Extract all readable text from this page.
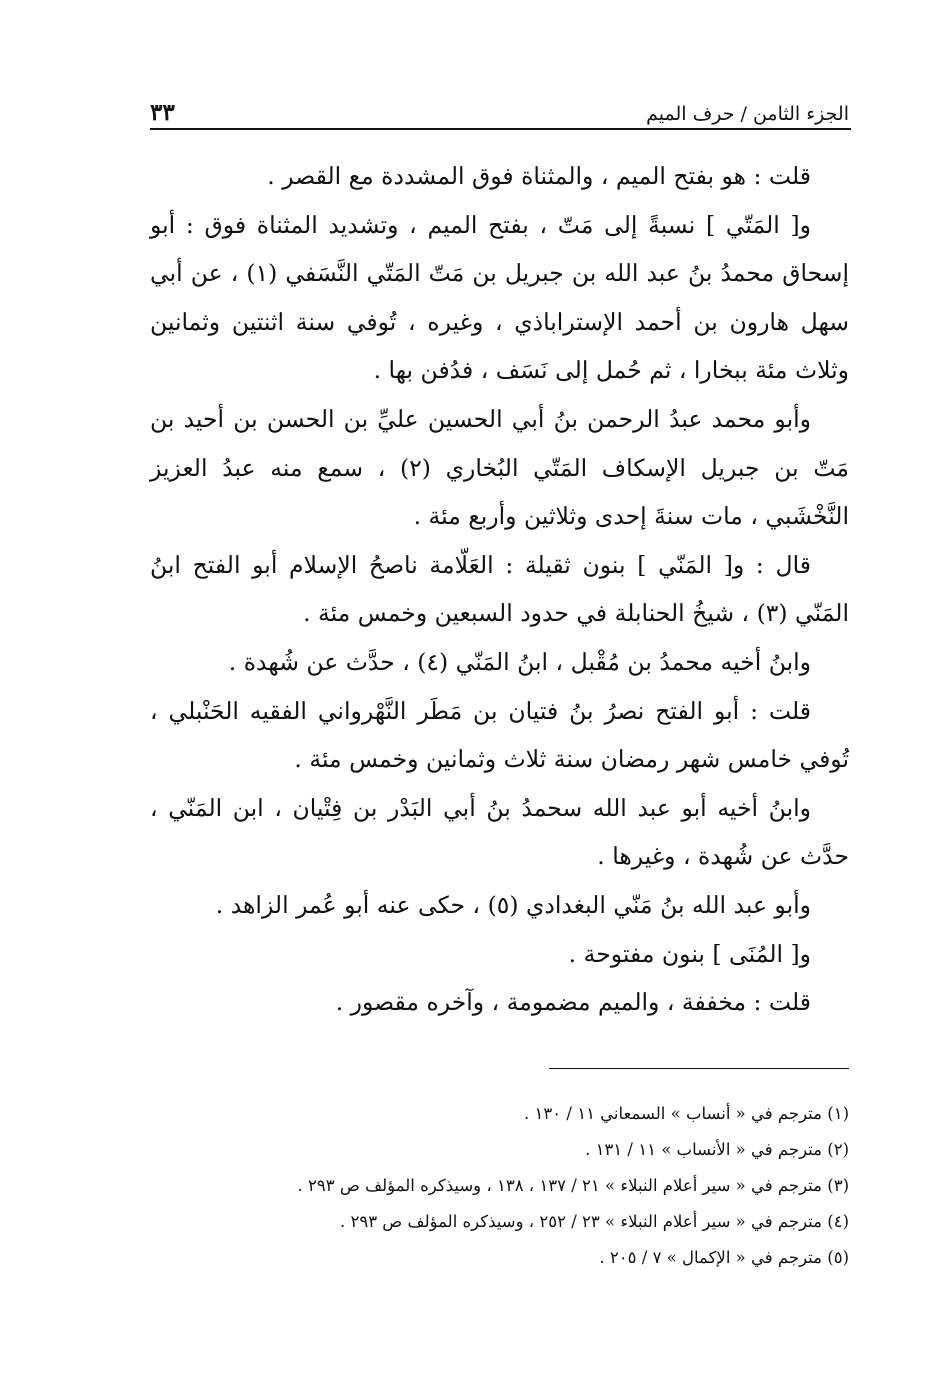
الجزء الثامن / حرف الميم
٣٣

قلت : هو بفتح الميم ، والمثناة فوق المشددة مع القصر .

و[ المَتّي ] نسبةً إلى مَتّ ، بفتح الميم ، وتشديد المثناة فوق : أبو إسحاق محمدُ بنُ عبد الله بن جبريل بن مَتّ المَتّي النَّسَفي (١) ، عن أبي سهل هارون بن أحمد الإستراباذي ، وغيره ، تُوفي سنة اثنتين وثمانين وثلاث مئة ببخارا ، ثم حُمل إلى نَسَف ، فدُفن بها .

وأبو محمد عبدُ الرحمن بنُ أبي الحسين عليِّ بن الحسن بن أحيد بن مَتّ بن جبريل الإسكاف المَتّي البُخاري (٢) ، سمع منه عبدُ العزيز النَّخْشَبي ، مات سنةَ إحدى وثلاثين وأربع مئة .

قال : و[ المَنّي ] بنون ثقيلة : العَلّامة ناصحُ الإسلام أبو الفتح ابنُ المَنّي (٣) ، شيخُ الحنابلة في حدود السبعين وخمس مئة .

وابنُ أخيه محمدُ بن مُقْبل ، ابنُ المَنّي (٤) ، حدَّث عن شُهدة .

قلت : أبو الفتح نصرُ بنُ فتيان بن مَطَر النَّهْرواني الفقيه الحَنْبلي ، تُوفي خامس شهر رمضان سنة ثلاث وثمانين وخمس مئة .

وابنُ أخيه أبو عبد الله سحمدُ بنُ أبي البَدْر بن فِتْيان ، ابن المَنّي ، حدَّث عن شُهدة ، وغيرها .

وأبو عبد الله بنُ مَنّي البغدادي (٥) ، حكى عنه أبو عُمر الزاهد .

و[ المُنَى ] بنون مفتوحة .

قلت : مخففة ، والميم مضمومة ، وآخره مقصور .

(١) مترجم في « أنساب » السمعاني ١١ / ١٣٠ .
(٢) مترجم في « الأنساب » ١١ / ١٣١ .
(٣) مترجم في « سير أعلام النبلاء » ٢١ / ١٣٧ ، ١٣٨ ، وسيذكره المؤلف ص ٢٩٣ .
(٤) مترجم في « سير أعلام النبلاء » ٢٣ / ٢٥٢ ، وسيذكره المؤلف ص ٢٩٣ .
(٥) مترجم في « الإكمال » ٧ / ٢٠٥ .
